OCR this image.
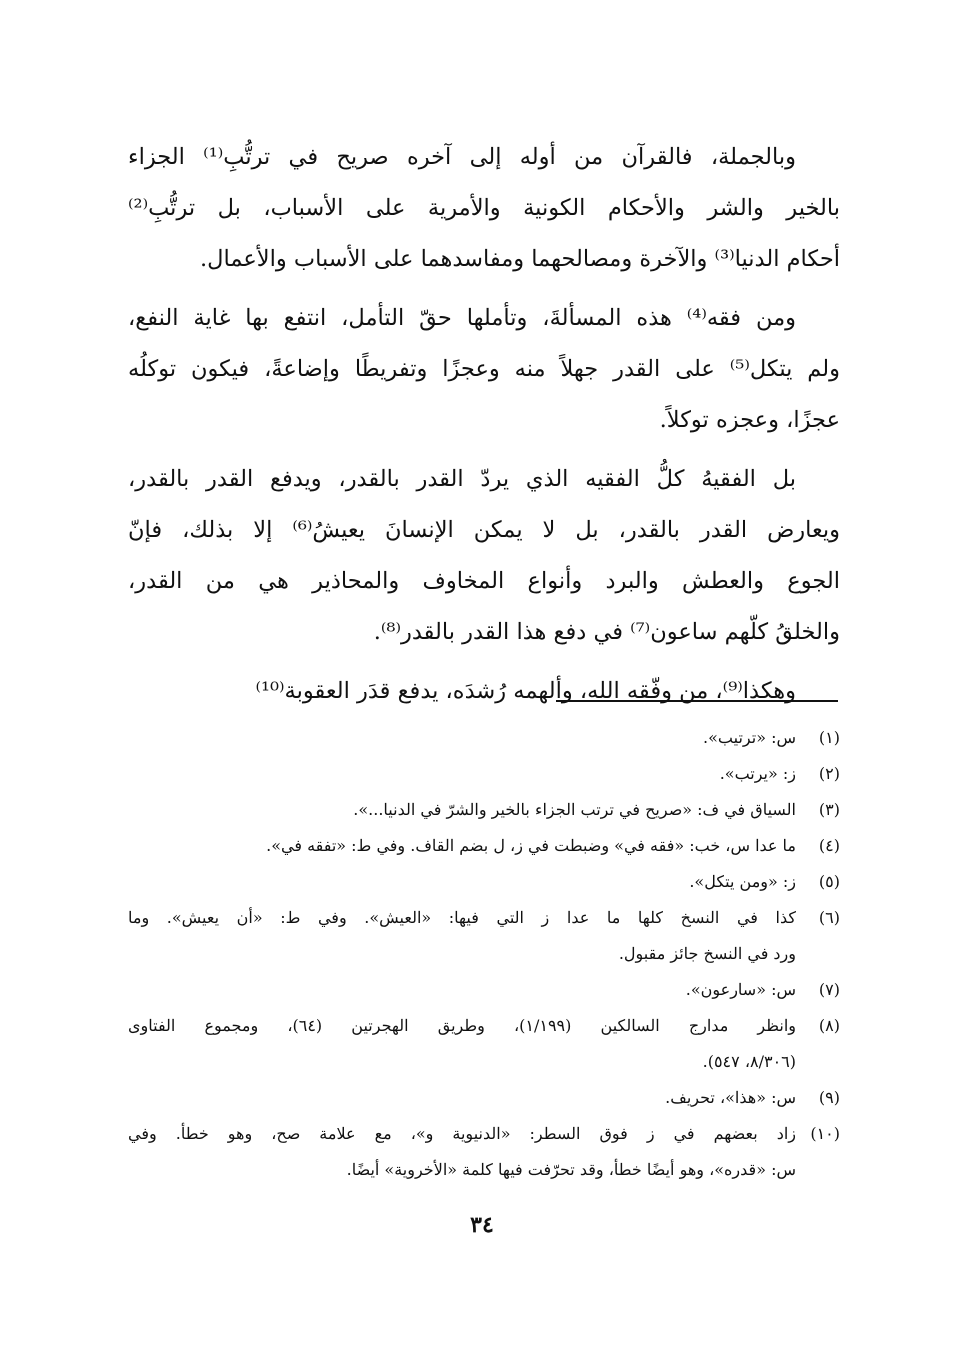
وبالجملة، فالقرآن من أوله إلى آخره صريح في ترتُّبِ⁽¹⁾ الجزاء
بالخير والشر والأحكام الكونية والأمرية على الأسباب، بل ترتُّبِ⁽²⁾
أحكام الدنيا⁽³⁾ والآخرة ومصالحهما ومفاسدهما على الأسباب والأعمال.
ومن فقه⁽⁴⁾ هذه المسألةَ، وتأملها حقّ التأمل، انتفع بها غاية النفع،
ولم يتكل⁽⁵⁾ على القدر جهلاً منه وعجزًا وتفريطًا وإضاعةً، فيكون توكلُه
عجزًا، وعجزه توكلاً.
بل الفقيهُ كلُّ الفقيه الذي يردّ القدر بالقدر، ويدفع القدر بالقدر،
ويعارض القدر بالقدر، بل لا يمكن الإنسانَ يعيشُ⁽⁶⁾ إلا بذلك، فإنّ
الجوع والعطش والبرد وأنواع المخاوف والمحاذير هي من القدر،
والخلقُ كلّهم ساعون⁽⁷⁾ في دفع هذا القدر بالقدر⁽⁸⁾.
وهكذا⁽⁹⁾، من وفّقه الله، وألهمه رُشدَه، يدفع قدَر العقوبة⁽¹⁰⁾
(١)
س: «ترتيب».
(٢)
ز: «يرتب».
(٣)
السياق في ف: «صريح في ترتب الجزاء بالخير والشرّ في الدنيا...».
(٤)
ما عدا س، خب: «فقه في» وضبطت في ز، ل بضم القاف. وفي ط: «تفقه في».
(٥)
ز: «ومن يتكل».
(٦)
كذا في النسخ كلها ما عدا ز التي فيها: «العيش». وفي ط: «أن يعيش». وما
ورد في النسخ جائز مقبول.
(٧)
س: «سارعون».
(٨)
وانظر مدارج السالكين (١/١٩٩)، وطريق الهجرتين (٦٤)، ومجموع الفتاوى
(٨/٣٠٦، ٥٤٧).
(٩)
س: «هذا»، تحريف.
(١٠)
زاد بعضهم في ز فوق السطر: «الدنيوية و»، مع علامة صح، وهو خطأ. وفي
س: «قدره»، وهو أيضًا خطأ، وقد تحرّفت فيها كلمة «الأخروية» أيضًا.
٣٤
